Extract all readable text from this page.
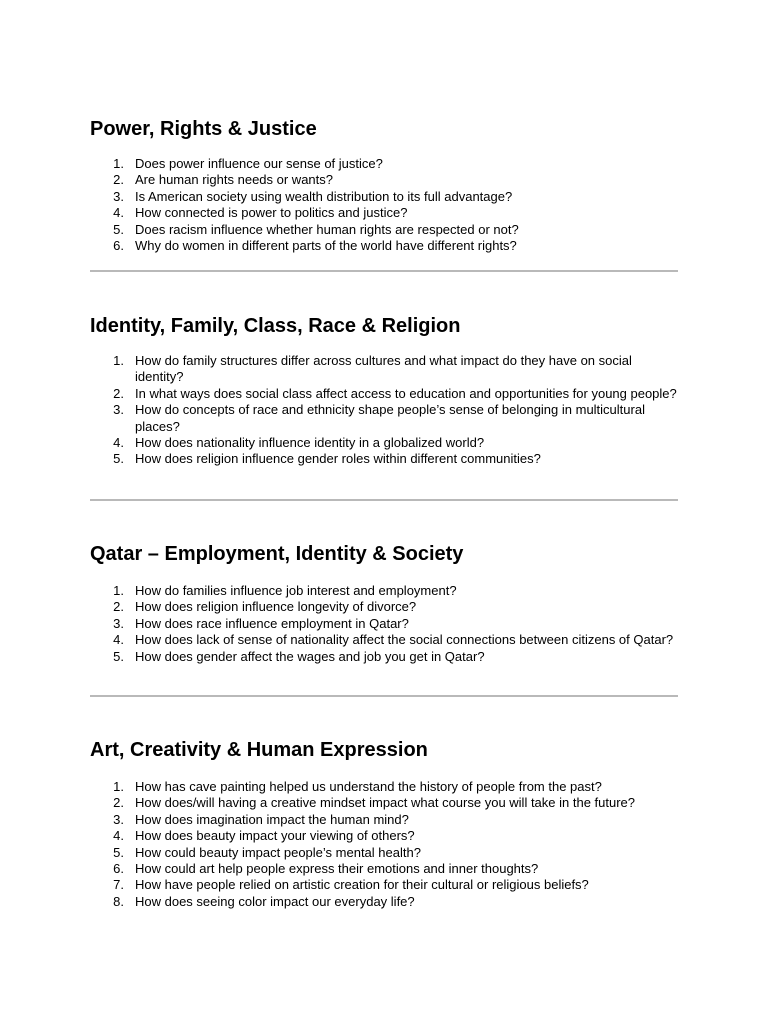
Power, Rights & Justice
1. Does power influence our sense of justice?
2. Are human rights needs or wants?
3. Is American society using wealth distribution to its full advantage?
4. How connected is power to politics and justice?
5. Does racism influence whether human rights are respected or not?
6. Why do women in different parts of the world have different rights?
Identity, Family, Class, Race & Religion
1. How do family structures differ across cultures and what impact do they have on social identity?
2. In what ways does social class affect access to education and opportunities for young people?
3. How do concepts of race and ethnicity shape people’s sense of belonging in multicultural places?
4. How does nationality influence identity in a globalized world?
5. How does religion influence gender roles within different communities?
Qatar – Employment, Identity & Society
1. How do families influence job interest and employment?
2. How does religion influence longevity of divorce?
3. How does race influence employment in Qatar?
4. How does lack of sense of nationality affect the social connections between citizens of Qatar?
5. How does gender affect the wages and job you get in Qatar?
Art, Creativity & Human Expression
1. How has cave painting helped us understand the history of people from the past?
2. How does/will having a creative mindset impact what course you will take in the future?
3. How does imagination impact the human mind?
4. How does beauty impact your viewing of others?
5. How could beauty impact people’s mental health?
6. How could art help people express their emotions and inner thoughts?
7. How have people relied on artistic creation for their cultural or religious beliefs?
8. How does seeing color impact our everyday life?
